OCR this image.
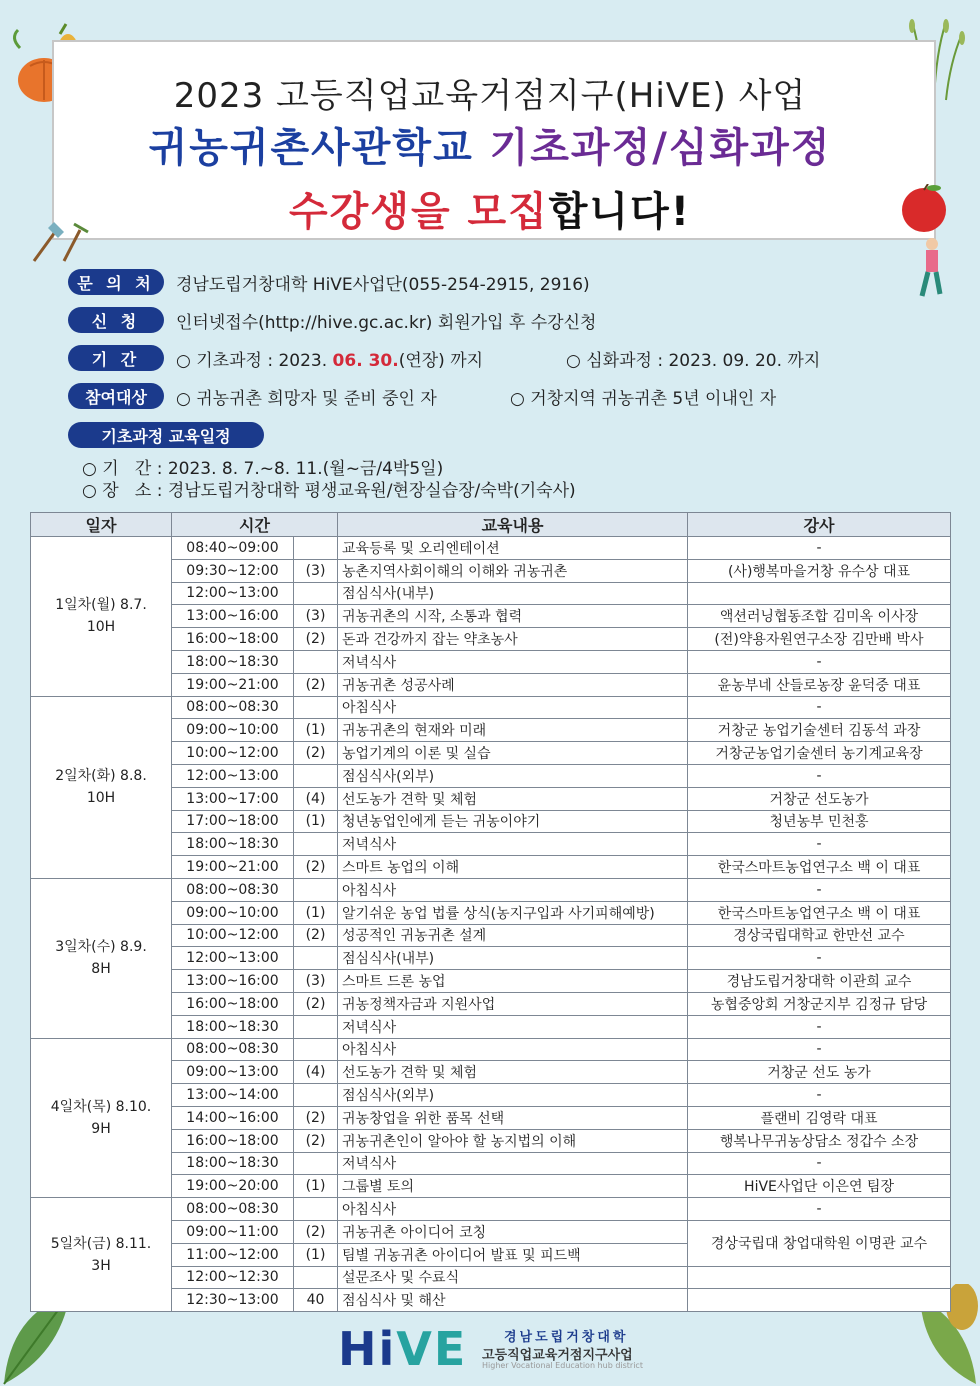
2023 고등직업교육거점지구(HiVE) 사업
귀농귀촌사관학교 기초과정/심화과정
수강생을 모집합니다!
문 의 처	경남도립거창대학 HiVE사업단(055-254-2915, 2916)
신 청	인터넷접수(http://hive.gc.ac.kr) 회원가입 후 수강신청
기 간	○ 기초과정 : 2023. 06. 30.(연장) 까지	○ 심화과정 : 2023. 09. 20. 까지
참여대상	○ 귀농귀촌 희망자 및 준비 중인 자	○ 거창지역 귀농귀촌 5년 이내인 자
기초과정 교육일정
○ 기   간 : 2023. 8. 7.~8. 11.(월~금/4박5일)
○ 장   소 : 경남도립거창대학 평생교육원/현장실습장/숙박(기숙사)
일자	시간		교육내용	강사

1일차(월) 8.7.
10H	08:40~09:00		교육등록 및 오리엔테이션	-
	09:30~12:00	(3)	농촌지역사회이해의 이해와 귀농귀촌	(사)행복마을거창 유수상 대표
	12:00~13:00		점심식사(내부)	
	13:00~16:00	(3)	귀농귀촌의 시작, 소통과 협력	액션러닝협동조합 김미옥 이사장
	16:00~18:00	(2)	돈과 건강까지 잡는 약초농사	(전)약용자원연구소장 김만배 박사
	18:00~18:30		저녁식사	-
	19:00~21:00	(2)	귀농귀촌 성공사례	윤농부네 산들로농장 윤덕중 대표

2일차(화) 8.8.
10H	08:00~08:30		아침식사	-
	09:00~10:00	(1)	귀농귀촌의 현재와 미래	거창군 농업기술센터 김동석 과장
	10:00~12:00	(2)	농업기계의 이론 및 실습	거창군농업기술센터 농기계교육장
	12:00~13:00		점심식사(외부)	-
	13:00~17:00	(4)	선도농가 견학 및 체험	거창군 선도농가
	17:00~18:00	(1)	청년농업인에게 듣는 귀농이야기	청년농부 민천홍
	18:00~18:30		저녁식사	-
	19:00~21:00	(2)	스마트 농업의 이해	한국스마트농업연구소 백 이 대표

3일차(수) 8.9.
8H	08:00~08:30		아침식사	-
	09:00~10:00	(1)	알기쉬운 농업 법률 상식(농지구입과 사기피해예방)	한국스마트농업연구소 백 이 대표
	10:00~12:00	(2)	성공적인 귀농귀촌 설계	경상국립대학교 한만선 교수
	12:00~13:00		점심식사(내부)	-
	13:00~16:00	(3)	스마트 드론 농업	경남도립거창대학 이관희 교수
	16:00~18:00	(2)	귀농정책자금과 지원사업	농협중앙회 거창군지부 김정규 담당
	18:00~18:30		저녁식사	-

4일차(목) 8.10.
9H	08:00~08:30		아침식사	-
	09:00~13:00	(4)	선도농가 견학 및 체험	거창군 선도 농가
	13:00~14:00		점심식사(외부)	-
	14:00~16:00	(2)	귀농창업을 위한 품목 선택	플랜비 김영락 대표
	16:00~18:00	(2)	귀농귀촌인이 알아야 할 농지법의 이해	행복나무귀농상담소 정갑수 소장
	18:00~18:30		저녁식사	-
	19:00~20:00	(1)	그룹별 토의	HiVE사업단 이은연 팀장

5일차(금) 8.11.
3H	08:00~08:30		아침식사	-
	09:00~11:00	(2)	귀농귀촌 아이디어 코칭	경상국립대 창업대학원 이명관 교수
	11:00~12:00	(1)	팀별 귀농귀촌 아이디어 발표 및 피드백	
	12:00~12:30		설문조사 및 수료식	
	12:30~13:00	40	점심식사 및 해산	
HiVE	경남도립거창대학
고등직업교육거점지구사업
Higher Vocational Education hub district
